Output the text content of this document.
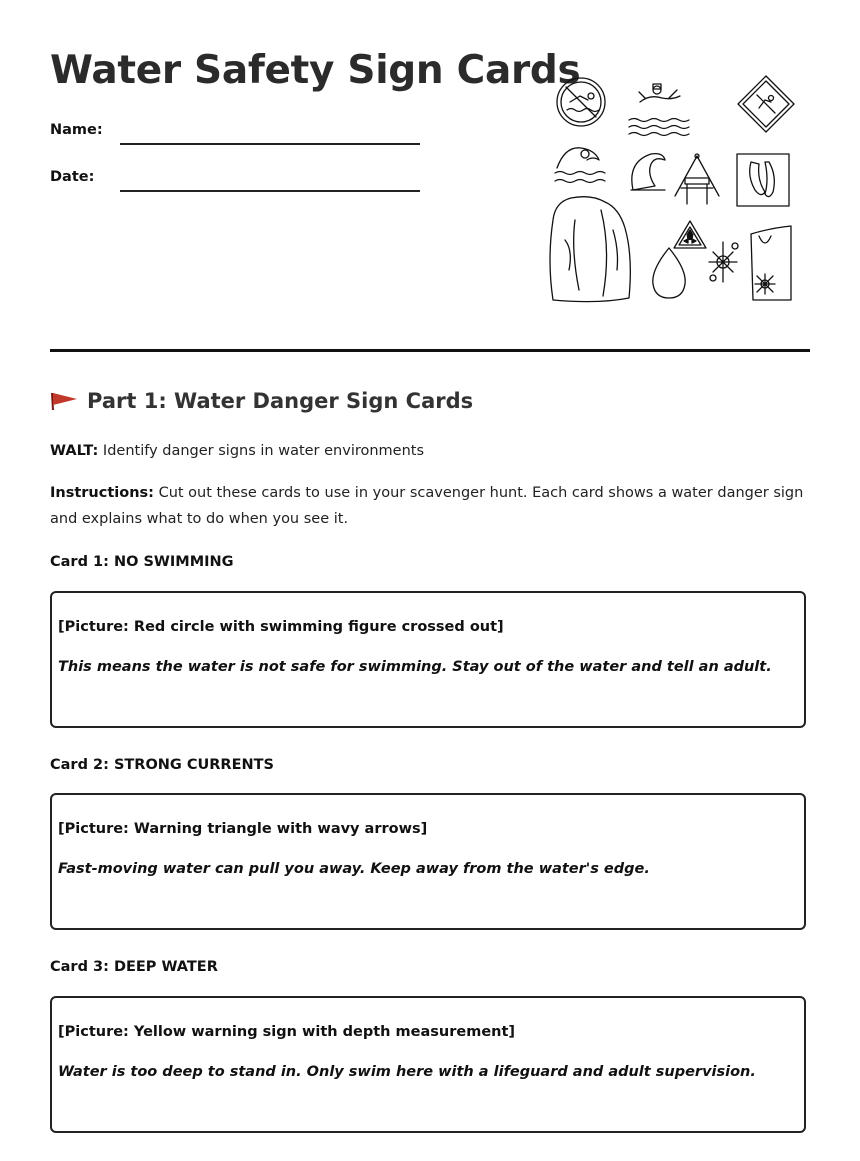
Water Safety Sign Cards
Name:
Date:
Part 1: Water Danger Sign Cards
WALT: Identify danger signs in water environments
Instructions: Cut out these cards to use in your scavenger hunt. Each card shows a water danger sign and explains what to do when you see it.
Card 1: NO SWIMMING
[Picture: Red circle with swimming figure crossed out]
This means the water is not safe for swimming. Stay out of the water and tell an adult.
Card 2: STRONG CURRENTS
[Picture: Warning triangle with wavy arrows]
Fast-moving water can pull you away. Keep away from the water's edge.
Card 3: DEEP WATER
[Picture: Yellow warning sign with depth measurement]
Water is too deep to stand in. Only swim here with a lifeguard and adult supervision.
